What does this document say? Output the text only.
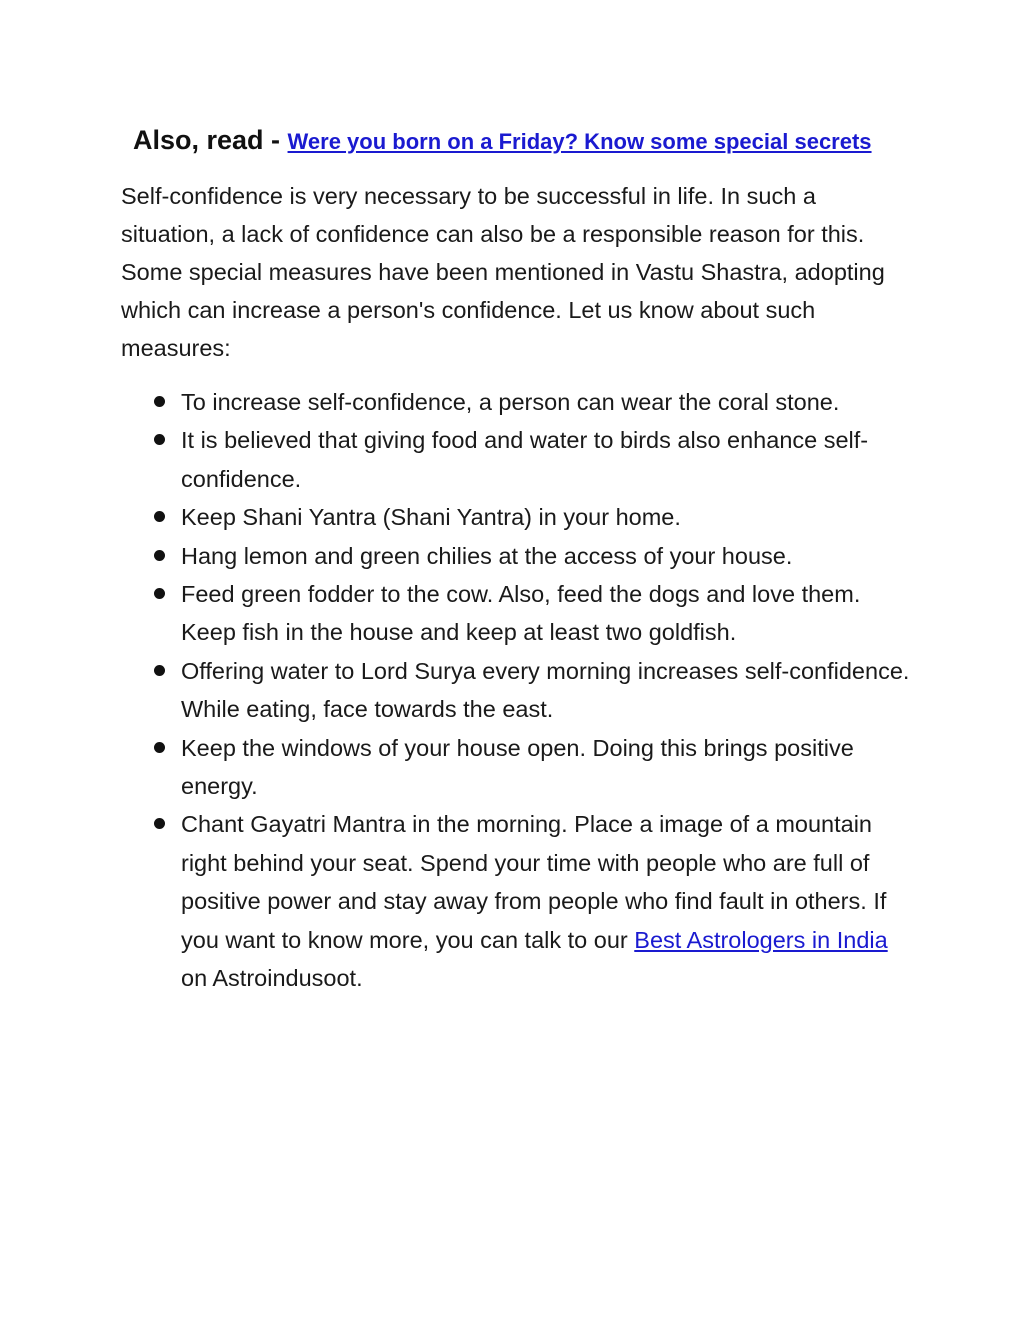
Also, read - Were you born on a Friday? Know some special secrets

Self-confidence is very necessary to be successful in life. In such a situation, a lack of confidence can also be a responsible reason for this. Some special measures have been mentioned in Vastu Shastra, adopting which can increase a person's confidence. Let us know about such measures:

To increase self-confidence, a person can wear the coral stone.
It is believed that giving food and water to birds also enhance self-confidence.
Keep Shani Yantra (Shani Yantra) in your home.
Hang lemon and green chilies at the access of your house.
Feed green fodder to the cow. Also, feed the dogs and love them. Keep fish in the house and keep at least two goldfish.
Offering water to Lord Surya every morning increases self-confidence. While eating, face towards the east.
Keep the windows of your house open. Doing this brings positive energy.
Chant Gayatri Mantra in the morning. Place a image of a mountain right behind your seat. Spend your time with people who are full of positive power and stay away from people who find fault in others. If you want to know more, you can talk to our Best Astrologers in India on Astroindusoot.
